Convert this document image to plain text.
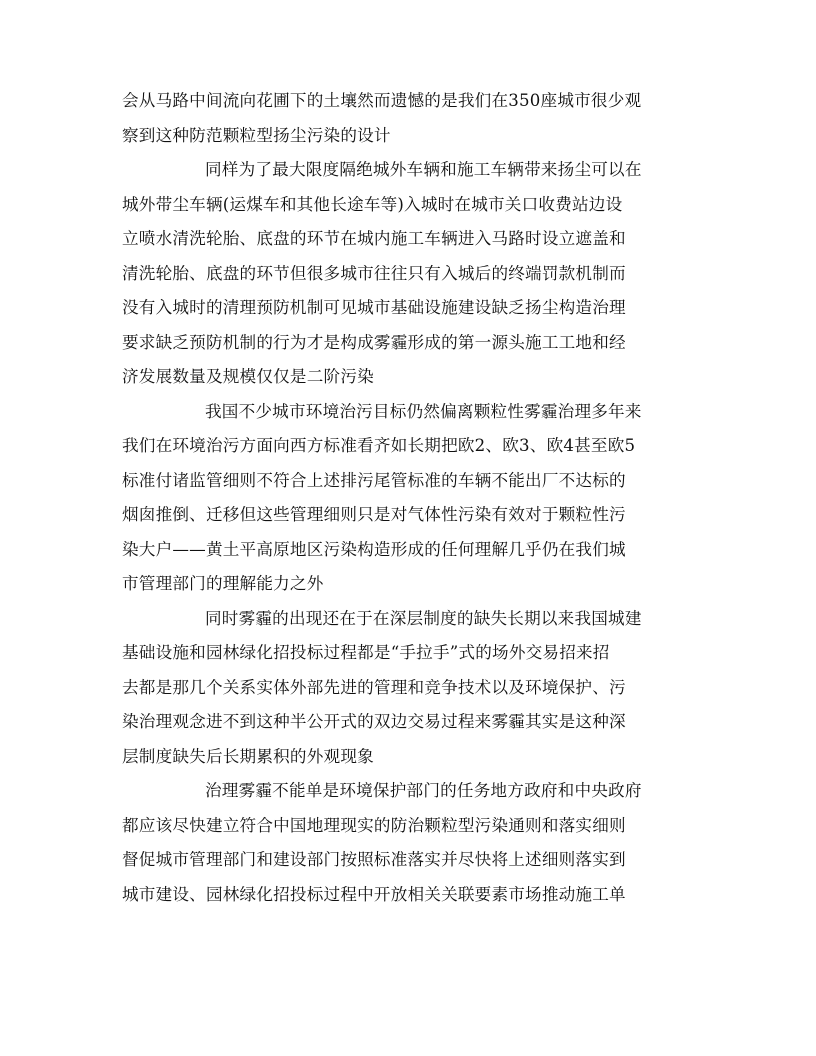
会从马路中间流向花圃下的土壤然而遗憾的是我们在350座城市很少观
察到这种防范颗粒型扬尘污染的设计
同样为了最大限度隔绝城外车辆和施工车辆带来扬尘可以在
城外带尘车辆(运煤车和其他长途车等)入城时在城市关口收费站边设
立喷水清洗轮胎、底盘的环节在城内施工车辆进入马路时设立遮盖和
清洗轮胎、底盘的环节但很多城市往往只有入城后的终端罚款机制而
没有入城时的清理预防机制可见城市基础设施建设缺乏扬尘构造治理
要求缺乏预防机制的行为才是构成雾霾形成的第一源头施工工地和经
济发展数量及规模仅仅是二阶污染
我国不少城市环境治污目标仍然偏离颗粒性雾霾治理多年来
我们在环境治污方面向西方标准看齐如长期把欧2、欧3、欧4甚至欧5
标准付诸监管细则不符合上述排污尾管标准的车辆不能出厂不达标的
烟囱推倒、迁移但这些管理细则只是对气体性污染有效对于颗粒性污
染大户——黄土平高原地区污染构造形成的任何理解几乎仍在我们城
市管理部门的理解能力之外
同时雾霾的出现还在于在深层制度的缺失长期以来我国城建
基础设施和园林绿化招投标过程都是“手拉手”式的场外交易招来招
去都是那几个关系实体外部先进的管理和竞争技术以及环境保护、污
染治理观念进不到这种半公开式的双边交易过程来雾霾其实是这种深
层制度缺失后长期累积的外观现象
治理雾霾不能单是环境保护部门的任务地方政府和中央政府
都应该尽快建立符合中国地理现实的防治颗粒型污染通则和落实细则
督促城市管理部门和建设部门按照标准落实并尽快将上述细则落实到
城市建设、园林绿化招投标过程中开放相关关联要素市场推动施工单
